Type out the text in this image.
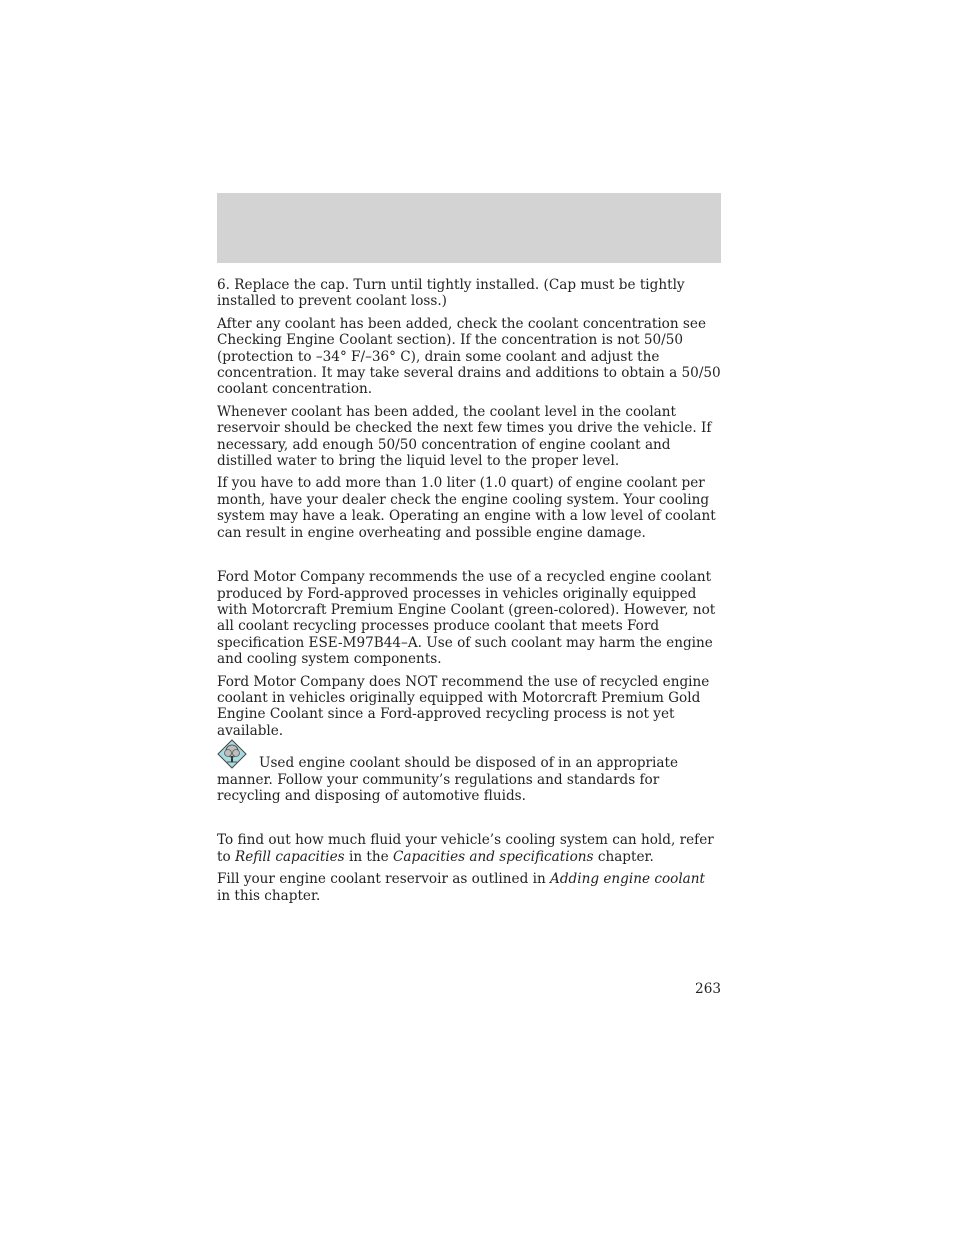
6. Replace the cap. Turn until tightly installed. (Cap must be tightly installed to prevent coolant loss.)

After any coolant has been added, check the coolant concentration see Checking Engine Coolant section). If the concentration is not 50/50 (protection to –34° F/–36° C), drain some coolant and adjust the concentration. It may take several drains and additions to obtain a 50/50 coolant concentration.

Whenever coolant has been added, the coolant level in the coolant reservoir should be checked the next few times you drive the vehicle. If necessary, add enough 50/50 concentration of engine coolant and distilled water to bring the liquid level to the proper level.

If you have to add more than 1.0 liter (1.0 quart) of engine coolant per month, have your dealer check the engine cooling system. Your cooling system may have a leak. Operating an engine with a low level of coolant can result in engine overheating and possible engine damage.

Ford Motor Company recommends the use of a recycled engine coolant produced by Ford-approved processes in vehicles originally equipped with Motorcraft Premium Engine Coolant (green-colored). However, not all coolant recycling processes produce coolant that meets Ford specification ESE-M97B44–A. Use of such coolant may harm the engine and cooling system components.

Ford Motor Company does NOT recommend the use of recycled engine coolant in vehicles originally equipped with Motorcraft Premium Gold Engine Coolant since a Ford-approved recycling process is not yet available.

Used engine coolant should be disposed of in an appropriate manner. Follow your community’s regulations and standards for recycling and disposing of automotive fluids.

To find out how much fluid your vehicle’s cooling system can hold, refer to Refill capacities in the Capacities and specifications chapter.

Fill your engine coolant reservoir as outlined in Adding engine coolant in this chapter.

263
